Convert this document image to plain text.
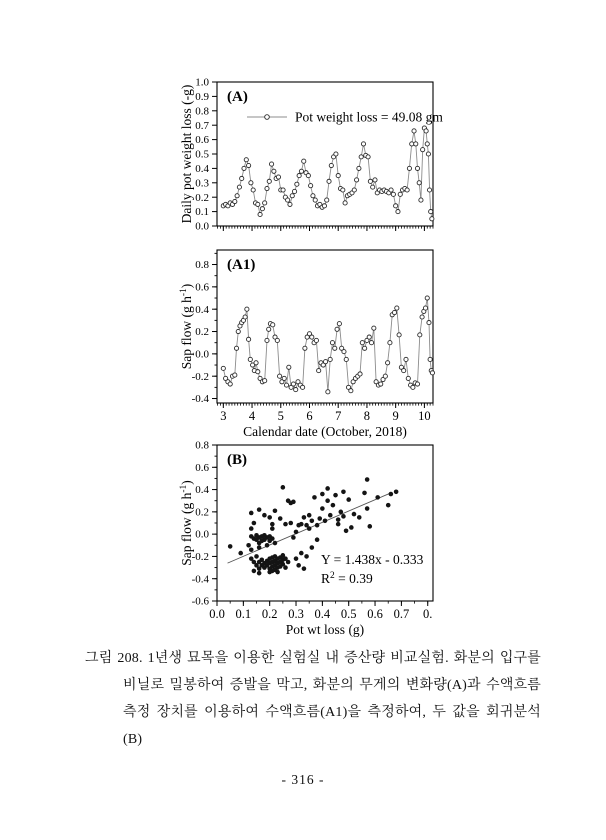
0.0
0.1
0.2
0.3
0.4
0.5
0.6
0.7
0.8
0.9
1.0
(A)
Pot weight loss = 49.08 gm
Daily pot weight loss (-g)
-0.4
-0.2
0.0
0.2
0.4
0.6
0.8
3 4 5 6 7 8 9 10
(A1)
Calendar date (October, 2018)
Sap flow (g $h^{-1}$)
-0.6
-0.4
-0.2
0.0
0.2
0.4
0.6
0.8
0.0 0.1 0.2 0.3 0.4 0.5 0.6 0.7 0.
(B)
Y = 1.438x - 0.333
$R^2 = 0.39$
Pot wt loss (g)
Sap flow (g $h^{-1}$)
그림 208. 1년생 묘목을 이용한 실험실 내 증산량 비교실험. 화분의 입구를
비닐로 밀봉하여 증발을 막고, 화분의 무게의 변화량(A)과 수액흐름
측정 장치를 이용하여 수액흐름(A1)을 측정하여, 두 값을 회귀분석(B)
- 316 -
